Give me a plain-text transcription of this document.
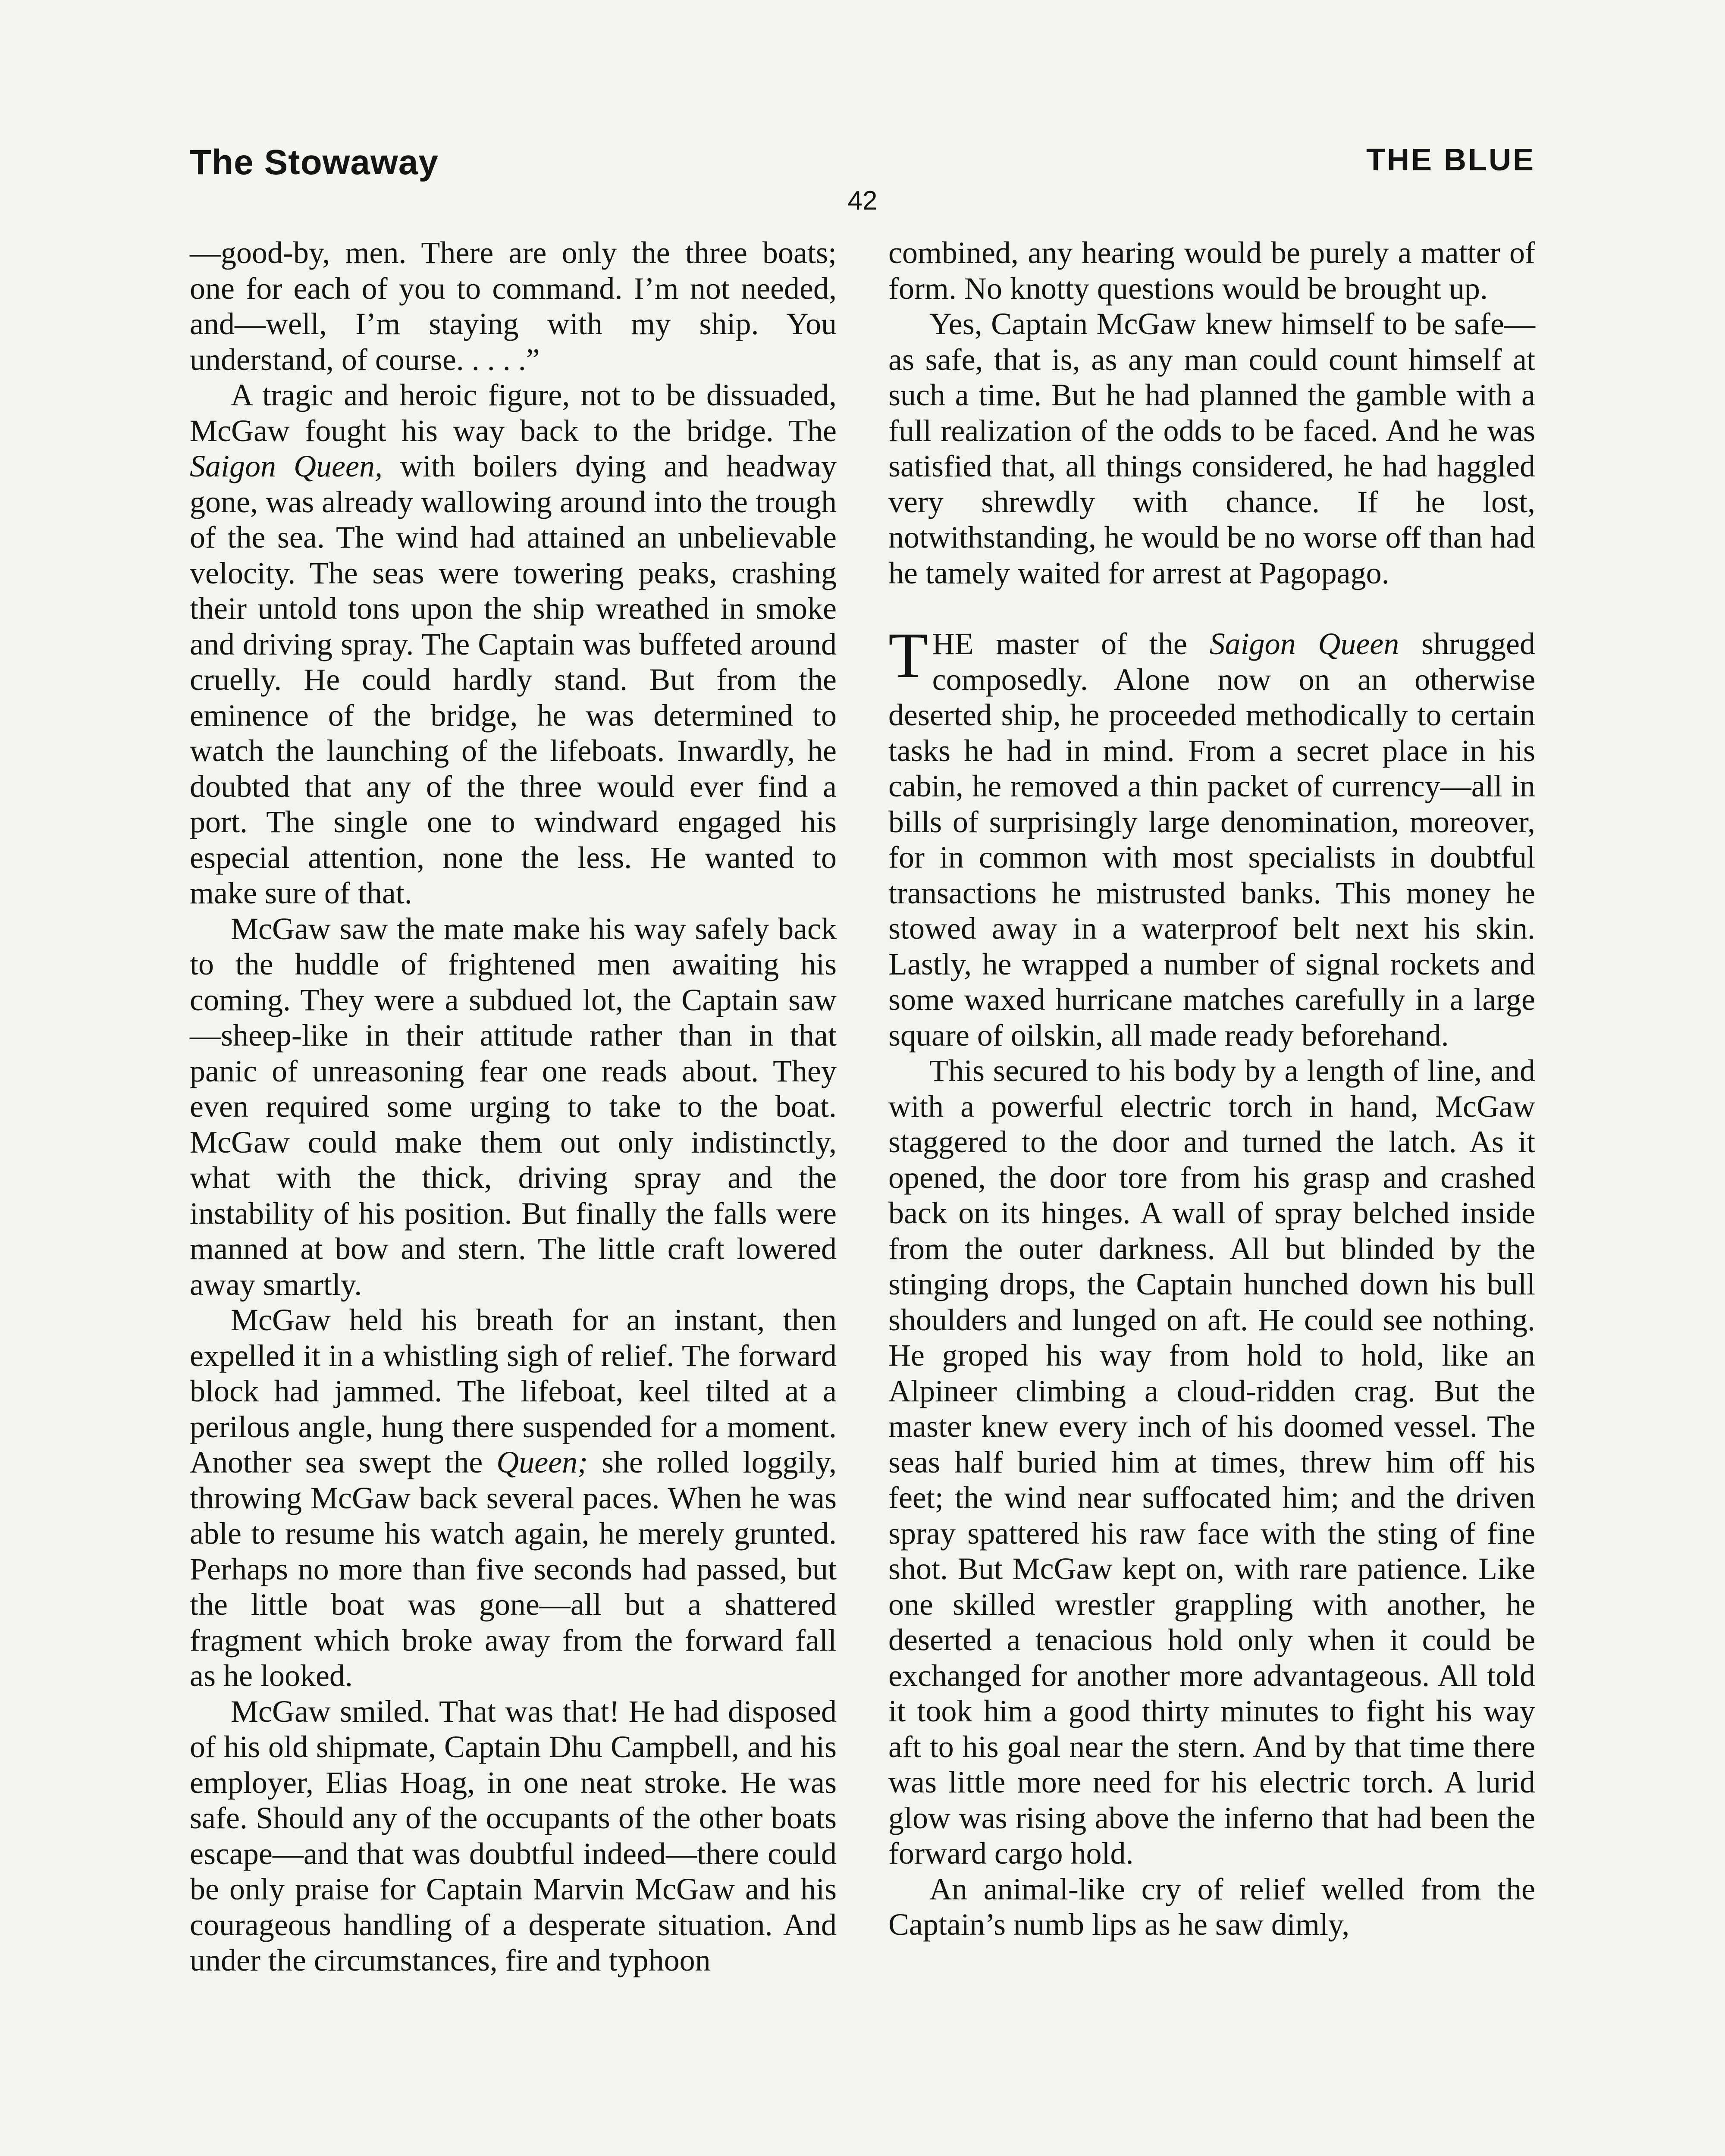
The Stowaway	THE BLUE
42

—good-by, men. There are only the three boats; one for each of you to command. I’m not needed, and—well, I’m staying with my ship. You understand, of course. . . . .”

A tragic and heroic figure, not to be dissuaded, McGaw fought his way back to the bridge. The Saigon Queen, with boilers dying and headway gone, was already wallowing around into the trough of the sea. The wind had attained an unbelievable velocity. The seas were towering peaks, crashing their untold tons upon the ship wreathed in smoke and driving spray. The Captain was buffeted around cruelly. He could hardly stand. But from the eminence of the bridge, he was determined to watch the launching of the lifeboats. Inwardly, he doubted that any of the three would ever find a port. The single one to windward engaged his especial attention, none the less. He wanted to make sure of that.

McGaw saw the mate make his way safely back to the huddle of frightened men awaiting his coming. They were a subdued lot, the Captain saw—sheep-like in their attitude rather than in that panic of unreasoning fear one reads about. They even required some urging to take to the boat. McGaw could make them out only indistinctly, what with the thick, driving spray and the instability of his position. But finally the falls were manned at bow and stern. The little craft lowered away smartly.

McGaw held his breath for an instant, then expelled it in a whistling sigh of relief. The forward block had jammed. The lifeboat, keel tilted at a perilous angle, hung there suspended for a moment. Another sea swept the Queen; she rolled loggily, throwing McGaw back several paces. When he was able to resume his watch again, he merely grunted. Perhaps no more than five seconds had passed, but the little boat was gone—all but a shattered fragment which broke away from the forward fall as he looked.

McGaw smiled. That was that! He had disposed of his old shipmate, Captain Dhu Campbell, and his employer, Elias Hoag, in one neat stroke. He was safe. Should any of the occupants of the other boats escape—and that was doubtful indeed—there could be only praise for Captain Marvin McGaw and his courageous handling of a desperate situation. And under the circumstances, fire and typhoon

combined, any hearing would be purely a matter of form. No knotty questions would be brought up.

Yes, Captain McGaw knew himself to be safe—as safe, that is, as any man could count himself at such a time. But he had planned the gamble with a full realization of the odds to be faced. And he was satisfied that, all things considered, he had haggled very shrewdly with chance. If he lost, notwithstanding, he would be no worse off than had he tamely waited for arrest at Pagopago.

THE master of the Saigon Queen shrugged composedly. Alone now on an otherwise deserted ship, he proceeded methodically to certain tasks he had in mind. From a secret place in his cabin, he removed a thin packet of currency—all in bills of surprisingly large denomination, moreover, for in common with most specialists in doubtful transactions he mistrusted banks. This money he stowed away in a waterproof belt next his skin. Lastly, he wrapped a number of signal rockets and some waxed hurricane matches carefully in a large square of oilskin, all made ready beforehand.

This secured to his body by a length of line, and with a powerful electric torch in hand, McGaw staggered to the door and turned the latch. As it opened, the door tore from his grasp and crashed back on its hinges. A wall of spray belched inside from the outer darkness. All but blinded by the stinging drops, the Captain hunched down his bull shoulders and lunged on aft. He could see nothing. He groped his way from hold to hold, like an Alpineer climbing a cloud-ridden crag. But the master knew every inch of his doomed vessel. The seas half buried him at times, threw him off his feet; the wind near suffocated him; and the driven spray spattered his raw face with the sting of fine shot. But McGaw kept on, with rare patience. Like one skilled wrestler grappling with another, he deserted a tenacious hold only when it could be exchanged for another more advantageous. All told it took him a good thirty minutes to fight his way aft to his goal near the stern. And by that time there was little more need for his electric torch. A lurid glow was rising above the inferno that had been the forward cargo hold.

An animal-like cry of relief welled from the Captain’s numb lips as he saw dimly,
